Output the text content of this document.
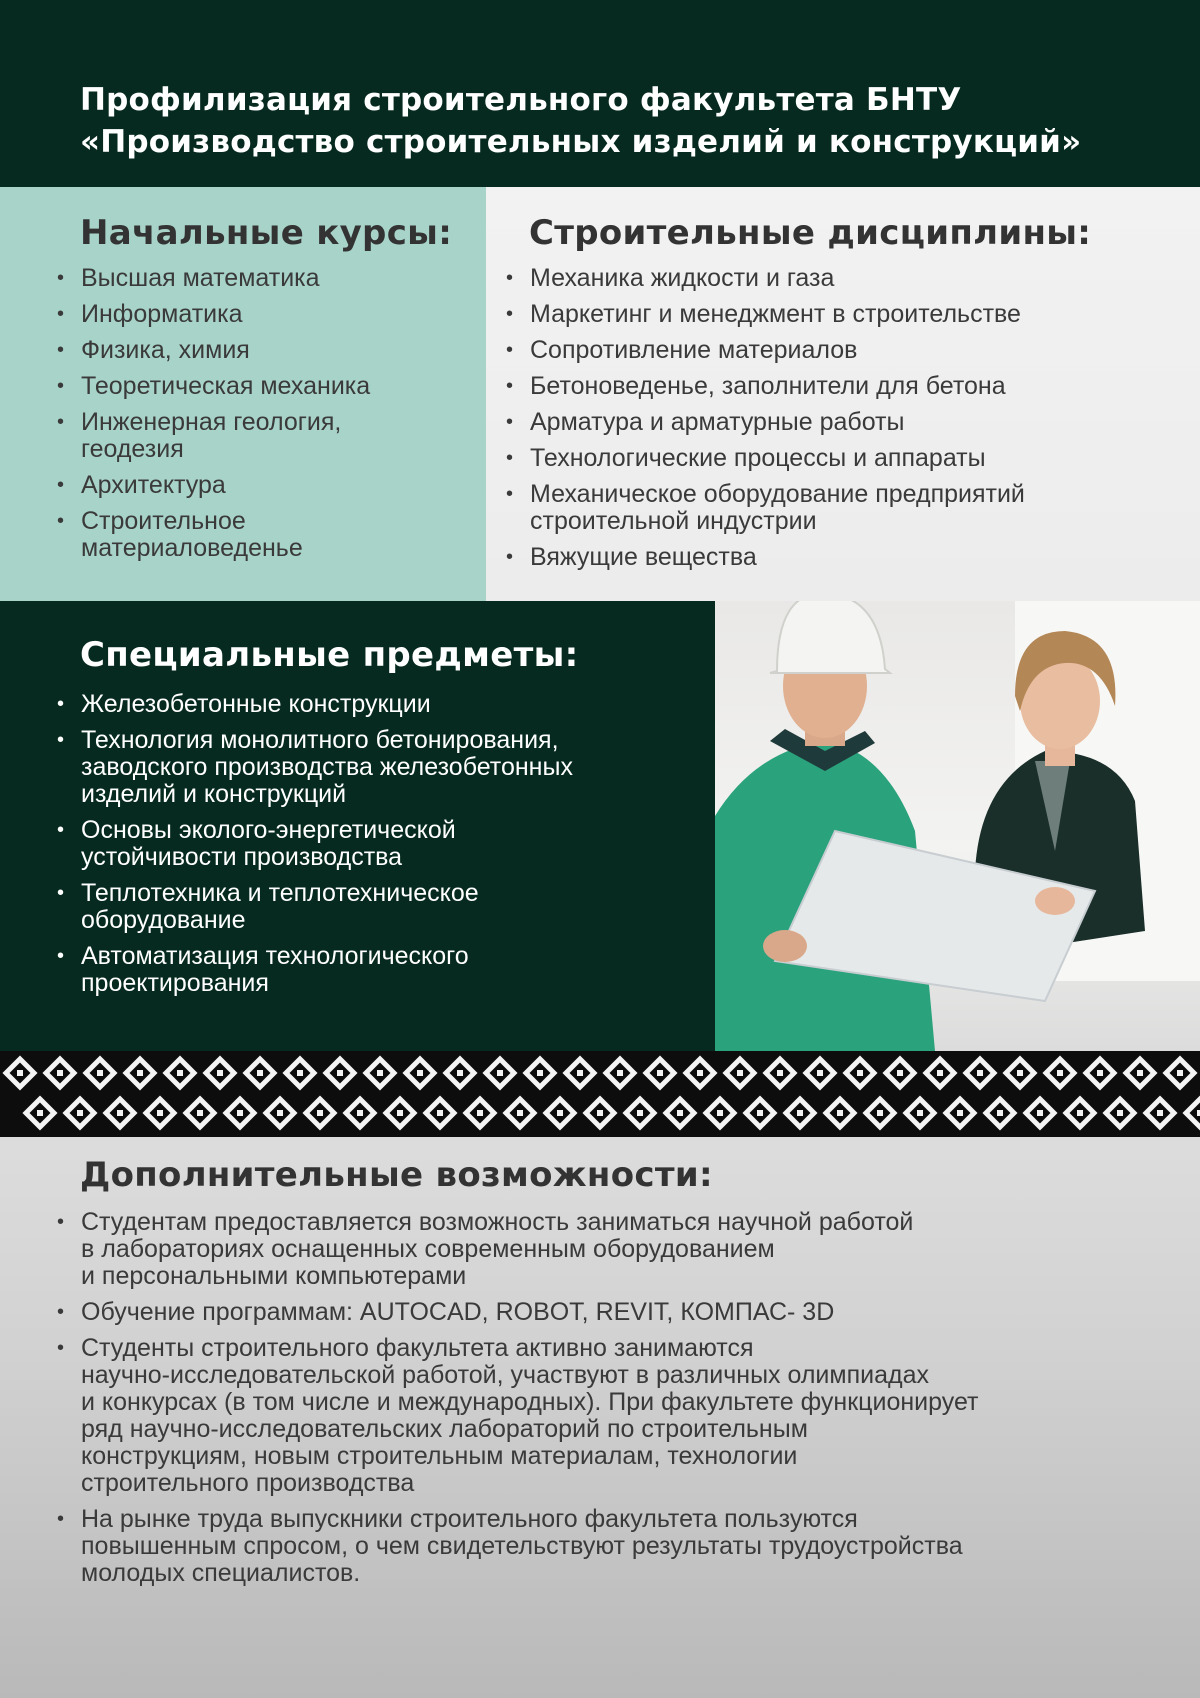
Профилизация строительного факультета БНТУ
«Производство строительных изделий и конструкций»
Начальные курсы:
• Высшая математика
• Информатика
• Физика, химия
• Теоретическая механика
• Инженерная геология,
геодезия
• Архитектура
• Строительное
материаловеденье
Строительные дисциплины:
• Механика жидкости и газа
• Маркетинг и менеджмент в строительстве
• Сопротивление материалов
• Бетоноведенье, заполнители для бетона
• Арматура и арматурные работы
• Технологические процессы и аппараты
• Механическое оборудование предприятий
строительной индустрии
• Вяжущие вещества
Специальные предметы:
• Железобетонные конструкции
• Технология монолитного бетонирования,
заводского производства железобетонных
изделий и конструкций
• Основы эколого-энергетической
устойчивости производства
• Теплотехника и теплотехническое
оборудование
• Автоматизация технологического
проектирования
Дополнительные возможности:
• Студентам предоставляется возможность заниматься научной работой
в лабораториях оснащенных современным оборудованием
и персональными компьютерами
• Обучение программам: AUTOCAD, ROBOT, REVIT, КОМПАС- 3D
• Студенты строительного факультета активно занимаются
научно-исследовательской работой, участвуют в различных олимпиадах
и конкурсах (в том числе и международных). При факультете функционирует
ряд научно-исследовательских лабораторий по строительным
конструкциям, новым строительным материалам, технологии
строительного производства
• На рынке труда выпускники строительного факультета пользуются
повышенным спросом, о чем свидетельствуют результаты трудоустройства
молодых специалистов.
